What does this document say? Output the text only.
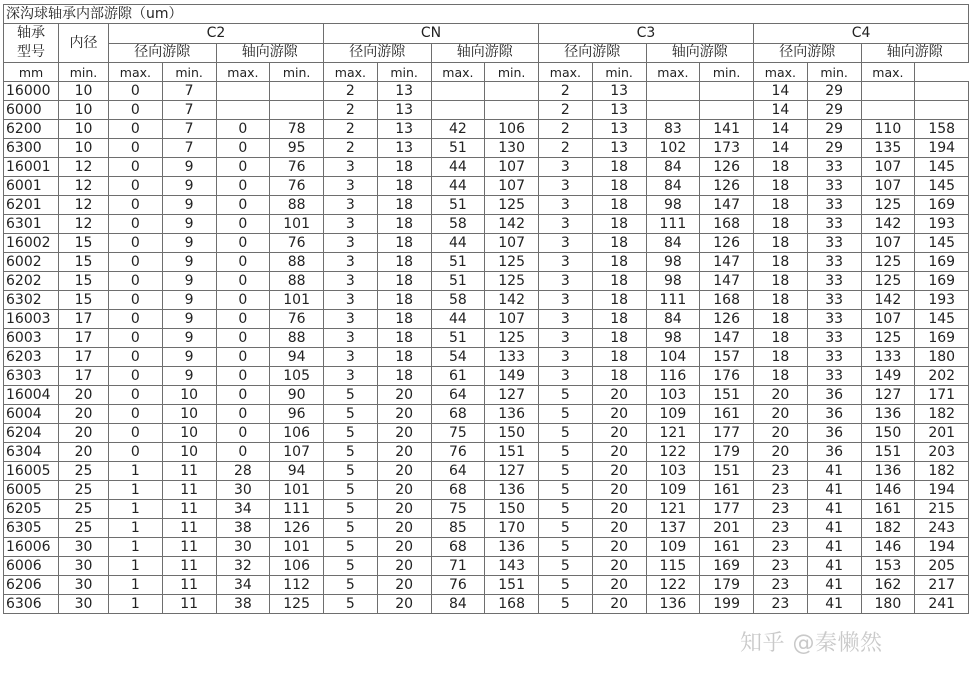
深沟球轴承内部游隙（um）																	
轴承
型号	内径	C2				CN				C3				C4			
		径向游隙		轴向游隙		径向游隙		轴向游隙		径向游隙		轴向游隙		径向游隙		轴向游隙	
mm	min.	max.	min.	max.	min.	max.	min.	max.	min.	max.	min.	max.	min.	max.	min.	max.	
16000	10	0	7			2	13			2	13			14	29		
6000	10	0	7			2	13			2	13			14	29		
6200	10	0	7	0	78	2	13	42	106	2	13	83	141	14	29	110	158
6300	10	0	7	0	95	2	13	51	130	2	13	102	173	14	29	135	194
16001	12	0	9	0	76	3	18	44	107	3	18	84	126	18	33	107	145
6001	12	0	9	0	76	3	18	44	107	3	18	84	126	18	33	107	145
6201	12	0	9	0	88	3	18	51	125	3	18	98	147	18	33	125	169
6301	12	0	9	0	101	3	18	58	142	3	18	111	168	18	33	142	193
16002	15	0	9	0	76	3	18	44	107	3	18	84	126	18	33	107	145
6002	15	0	9	0	88	3	18	51	125	3	18	98	147	18	33	125	169
6202	15	0	9	0	88	3	18	51	125	3	18	98	147	18	33	125	169
6302	15	0	9	0	101	3	18	58	142	3	18	111	168	18	33	142	193
16003	17	0	9	0	76	3	18	44	107	3	18	84	126	18	33	107	145
6003	17	0	9	0	88	3	18	51	125	3	18	98	147	18	33	125	169
6203	17	0	9	0	94	3	18	54	133	3	18	104	157	18	33	133	180
6303	17	0	9	0	105	3	18	61	149	3	18	116	176	18	33	149	202
16004	20	0	10	0	90	5	20	64	127	5	20	103	151	20	36	127	171
6004	20	0	10	0	96	5	20	68	136	5	20	109	161	20	36	136	182
6204	20	0	10	0	106	5	20	75	150	5	20	121	177	20	36	150	201
6304	20	0	10	0	107	5	20	76	151	5	20	122	179	20	36	151	203
16005	25	1	11	28	94	5	20	64	127	5	20	103	151	23	41	136	182
6005	25	1	11	30	101	5	20	68	136	5	20	109	161	23	41	146	194
6205	25	1	11	34	111	5	20	75	150	5	20	121	177	23	41	161	215
6305	25	1	11	38	126	5	20	85	170	5	20	137	201	23	41	182	243
16006	30	1	11	30	101	5	20	68	136	5	20	109	161	23	41	146	194
6006	30	1	11	32	106	5	20	71	143	5	20	115	169	23	41	153	205
6206	30	1	11	34	112	5	20	76	151	5	20	122	179	23	41	162	217
6306	30	1	11	38	125	5	20	84	168	5	20	136	199	23	41	180	241
知乎 @秦懒然
